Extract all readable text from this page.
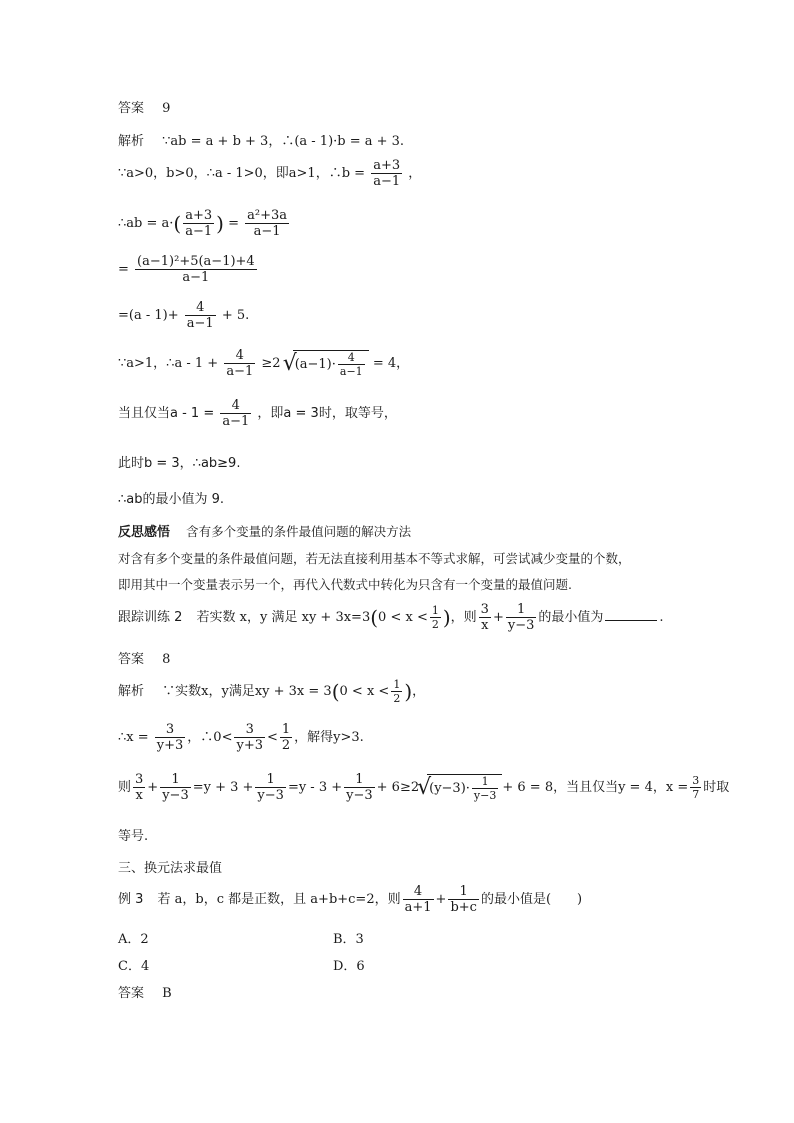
答案 9
解析 ∵ab = a + b + 3，∴(a - 1)·b = a + 3.
∵a>0，b>0，∴a - 1>0，即a>1，∴b = $\frac{a+3}{a-1}$ ，
∴ab = $a\cdot( \frac{a+3}{a-1}$ ) = $\frac{\text{a²+3a}}{a-1}$
= $\frac{\text{(a−1)²+5(a−1)+4}}{a-1}$
$=(a - 1)+ \frac{4}{a-1} + 5$.
∵a>1，∴a - $1 + \frac{4}{a-1} \ge 2$ √ $(a-1)\cdot \frac{4}{a-1} = 4$，
当且仅当$a - 1 = \frac{4}{a-1}$ ，即a = 3时，取等号，
此时b = 3，∴ab≥9.
∴ab的最小值为 9.
反思感悟 含有多个变量的条件最值问题的解决方法
对含有多个变量的条件最值问题，若无法直接利用基本不等式求解，可尝试减少变量的个数，
即用其中一个变量表示另一个，再代入代数式中转化为只含有一个变量的最值问题.
跟踪训练 2 若实数 x，y 满足 xy + $3x=3(0 < x < \frac{1}{2}$ )，则 $\frac{3}{x} + \frac{1}{y-3}$ 的最小值为	.
答案 8
解析 ∵实数x，y满足xy + $3x = 3(0 < x < \frac{1}{2}$ )，
∴x = $\frac{3}{y+3}$ ，∴0< $\frac{3}{y+3} < \frac{1}{2}$ ，解得y>3.
则 $\frac{3}{x} + \frac{1}{y-3} =y + 3 + \frac{1}{y-3} =y - 3 + \frac{1}{y-3} + 6\ge 2√$ $(y-3)\cdot \frac{1}{y-3} + 6 = 8$，当且仅当y = 4，$x = \frac{3}{7}$ 时取
等号.
三、换元法求最值
例 3 若 a，b，c 都是正数，且 a+b+c=2，则 $\frac{4}{a+1} + \frac{1}{b+c}$ 的最小值是(　　)
A．2	B．3
C．4	D．6
答案 B
